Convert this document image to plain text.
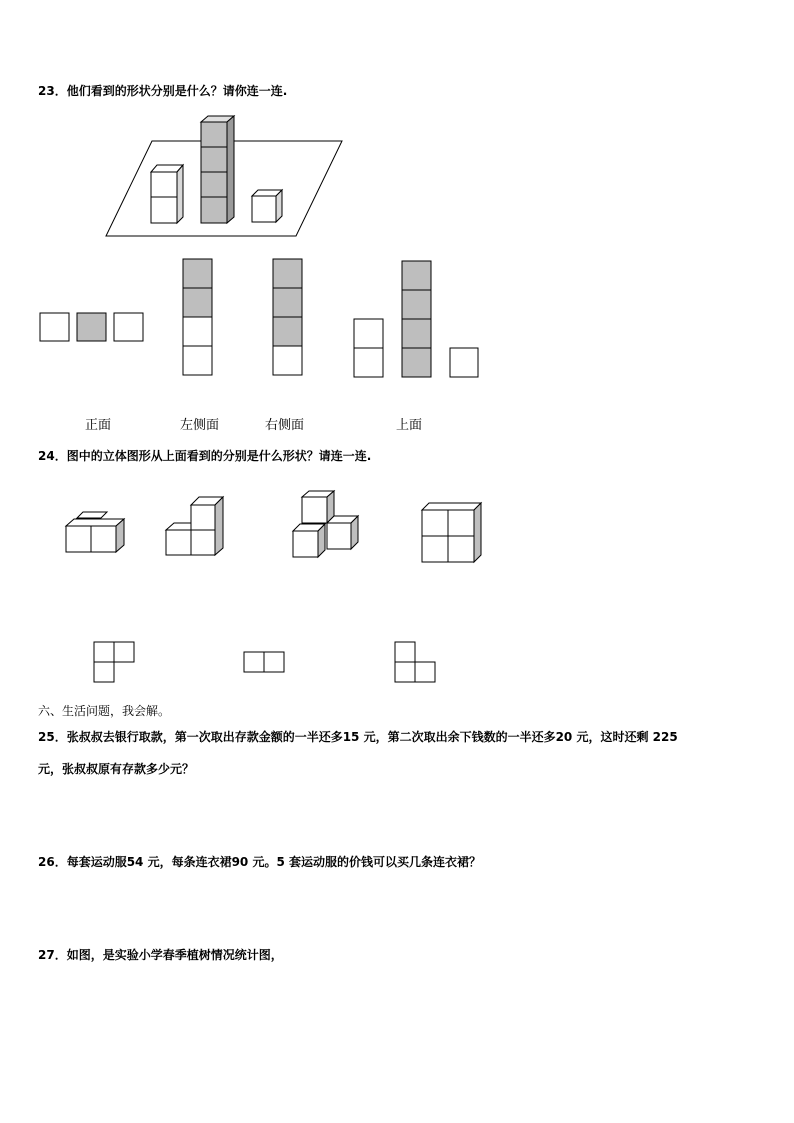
23．他们看到的形状分别是什么？请你连一连.
正面	左侧面	右侧面	上面
24．图中的立体图形从上面看到的分别是什么形状？请连一连.
六、生活问题，我会解。
25．张叔叔去银行取款，第一次取出存款金额的一半还多15 元，第二次取出余下钱数的一半还多20 元，这时还剩 225
元，张叔叔原有存款多少元？
26．每套运动服54 元，每条连衣裙90 元。5 套运动服的价钱可以买几条连衣裙？
27．如图，是实验小学春季植树情况统计图，
